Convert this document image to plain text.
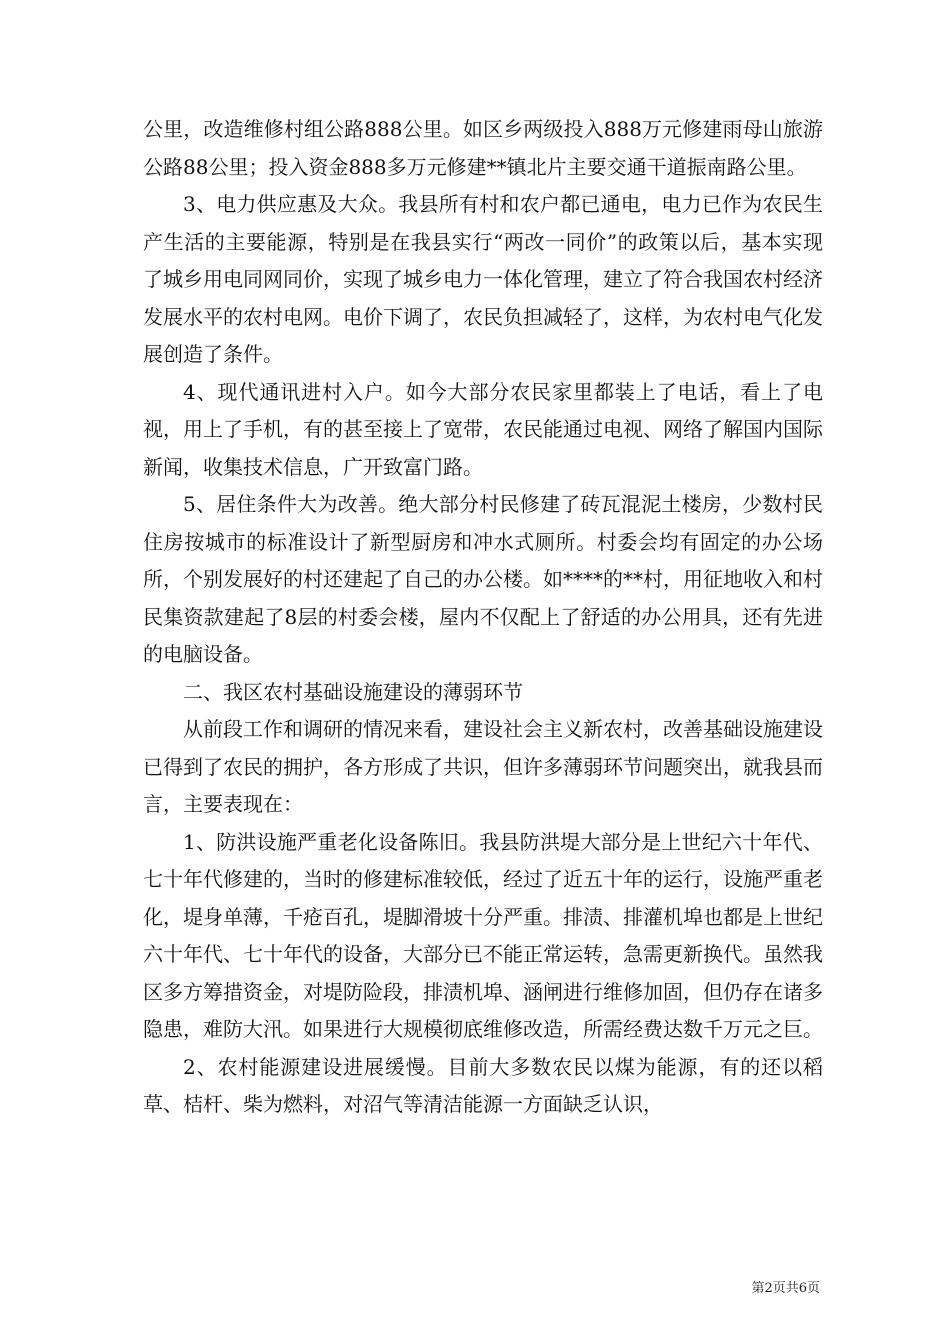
公里，改造维修村组公路888公里。如区乡两级投入888万元修建雨母山旅游公路88公里；投入资金888多万元修建**镇北片主要交通干道振南路公里。

3、电力供应惠及大众。我县所有村和农户都已通电，电力已作为农民生产生活的主要能源，特别是在我县实行“两改一同价”的政策以后，基本实现了城乡用电同网同价，实现了城乡电力一体化管理，建立了符合我国农村经济发展水平的农村电网。电价下调了，农民负担减轻了，这样，为农村电气化发展创造了条件。

4、现代通讯进村入户。如今大部分农民家里都装上了电话，看上了电视，用上了手机，有的甚至接上了宽带，农民能通过电视、网络了解国内国际新闻，收集技术信息，广开致富门路。

5、居住条件大为改善。绝大部分村民修建了砖瓦混泥土楼房，少数村民住房按城市的标准设计了新型厨房和冲水式厕所。村委会均有固定的办公场所，个别发展好的村还建起了自己的办公楼。如****的**村，用征地收入和村民集资款建起了8层的村委会楼，屋内不仅配上了舒适的办公用具，还有先进的电脑设备。

二、我区农村基础设施建设的薄弱环节

从前段工作和调研的情况来看，建设社会主义新农村，改善基础设施建设已得到了农民的拥护，各方形成了共识，但许多薄弱环节问题突出，就我县而言，主要表现在：

1、防洪设施严重老化设备陈旧。我县防洪堤大部分是上世纪六十年代、七十年代修建的，当时的修建标准较低，经过了近五十年的运行，设施严重老化，堤身单薄，千疮百孔，堤脚滑坡十分严重。排渍、排灌机埠也都是上世纪六十年代、七十年代的设备，大部分已不能正常运转，急需更新换代。虽然我区多方筹措资金，对堤防险段，排渍机埠、涵闸进行维修加固，但仍存在诸多隐患，难防大汛。如果进行大规模彻底维修改造，所需经费达数千万元之巨。

2、农村能源建设进展缓慢。目前大多数农民以煤为能源，有的还以稻草、桔杆、柴为燃料，对沼气等清洁能源一方面缺乏认识，

第2页共6页
